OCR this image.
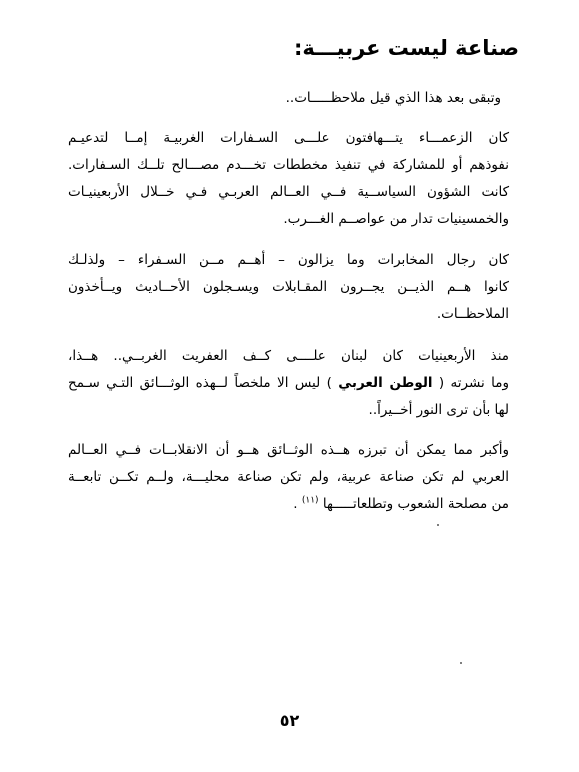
صناعة ليست عربيـــة:

وتبقى بعد هذا الذي قيل ملاحظـــــات..

كان الزعمـــاء يتـــهافتون علـــى السـفارات الغربيـة إمــا لتدعيـم

نفوذهم أو للمشاركة في تنفيذ مخططات تخـــدم مصـــالح تلــك السـفارات.

كانت الشؤون السياســية فــي العــالم العربـي فـي خــلال الأربعينيـات

والخمسينيات تدار من عواصــم الغـــرب.

كان رجال المخابرات وما يزالون – أهــم مــن السـفراء – ولذلـك

كانوا هــم الذيــن يجــرون المقـابلات ويسـجلون الأحــاديث ويــأخذون

الملاحظــات.

منذ الأربعينيات كان لبنان علــــى كــف العفريت الغربــي.. هــذا،

وما نشرته ( الوطن العربي ) ليس الا ملخصاً لــهذه الوثـــائق التـي سـمح

لها بأن ترى النور أخــيراً..

وأكبر مما يمكن أن تبرزه هــذه الوثــائق هــو أن الانقلابــات فــي العــالم

العربي لم تكن صناعة عربية، ولم تكن صناعة محليـــة، ولــم تكــن تابعــة

من مصلحة الشعوب وتطلعاتـــــها $^{(١١)}$ .

٥٢
